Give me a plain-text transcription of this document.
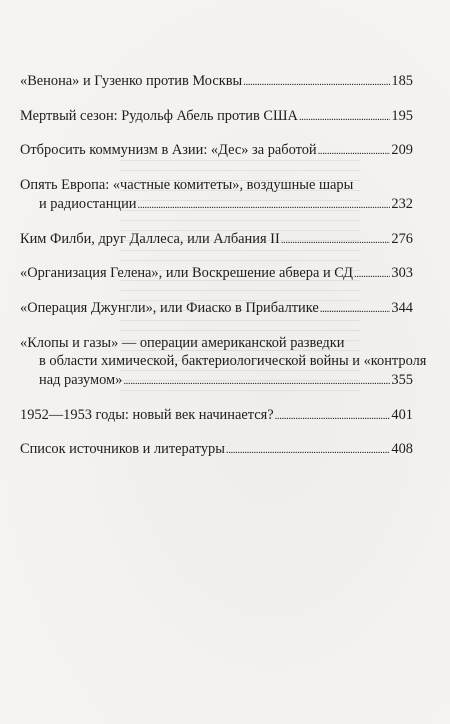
«Венона» и Гузенко против Москвы . . .	185
Мертвый сезон: Рудольф Абель против США . . .	195
Отбросить коммунизм в Азии: «Дес» за работой . . .	209
Опять Европа: «частные комитеты», воздушные шары
и радиостанции . . .	232
Ким Филби, друг Даллеса, или Албания II . . .	276
«Организация Гелена», или Воскрешение абвера и СД . . .	303
«Операция Джунгли», или Фиаско в Прибалтике . . .	344
«Клопы и газы» — операции американской разведки
в области химической, бактериологической войны и «контроля
над разумом» . . .	355
1952—1953 годы: новый век начинается? . . .	401
Список источников и литературы . . .	408
